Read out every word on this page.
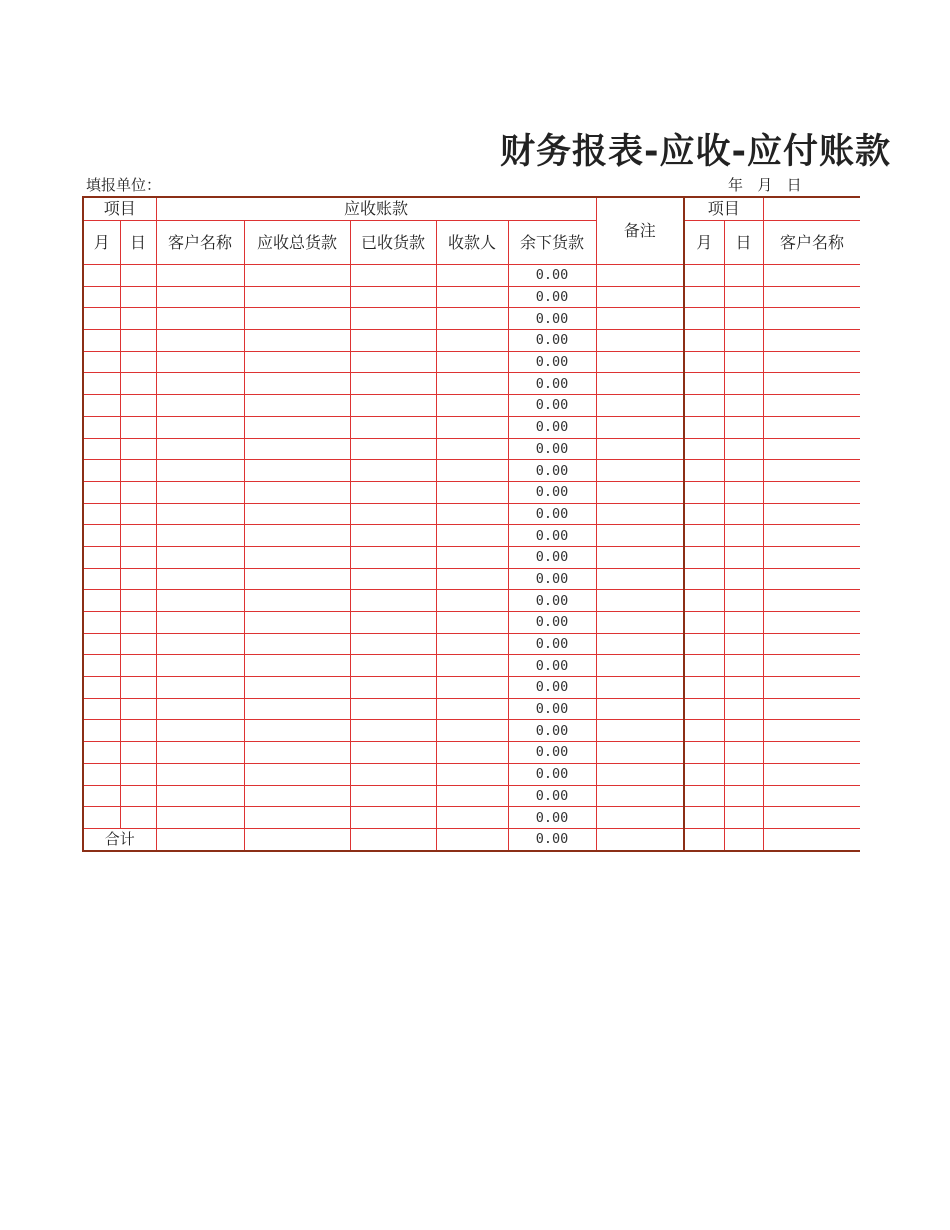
财务报表-应收-应付账款
填报单位：	年 月 日
项目		应收账款					备注	项目			
月	日	客户名称	应收总货款	已收货款	收款人	余下货款		月	日	客户名称	
						0.00					
						0.00					
						0.00					
						0.00					
						0.00					
						0.00					
						0.00					
						0.00					
						0.00					
						0.00					
						0.00					
						0.00					
						0.00					
						0.00					
						0.00					
						0.00					
						0.00					
						0.00					
						0.00					
						0.00					
						0.00					
						0.00					
						0.00					
						0.00					
						0.00					
						0.00					
合计						0.00					
